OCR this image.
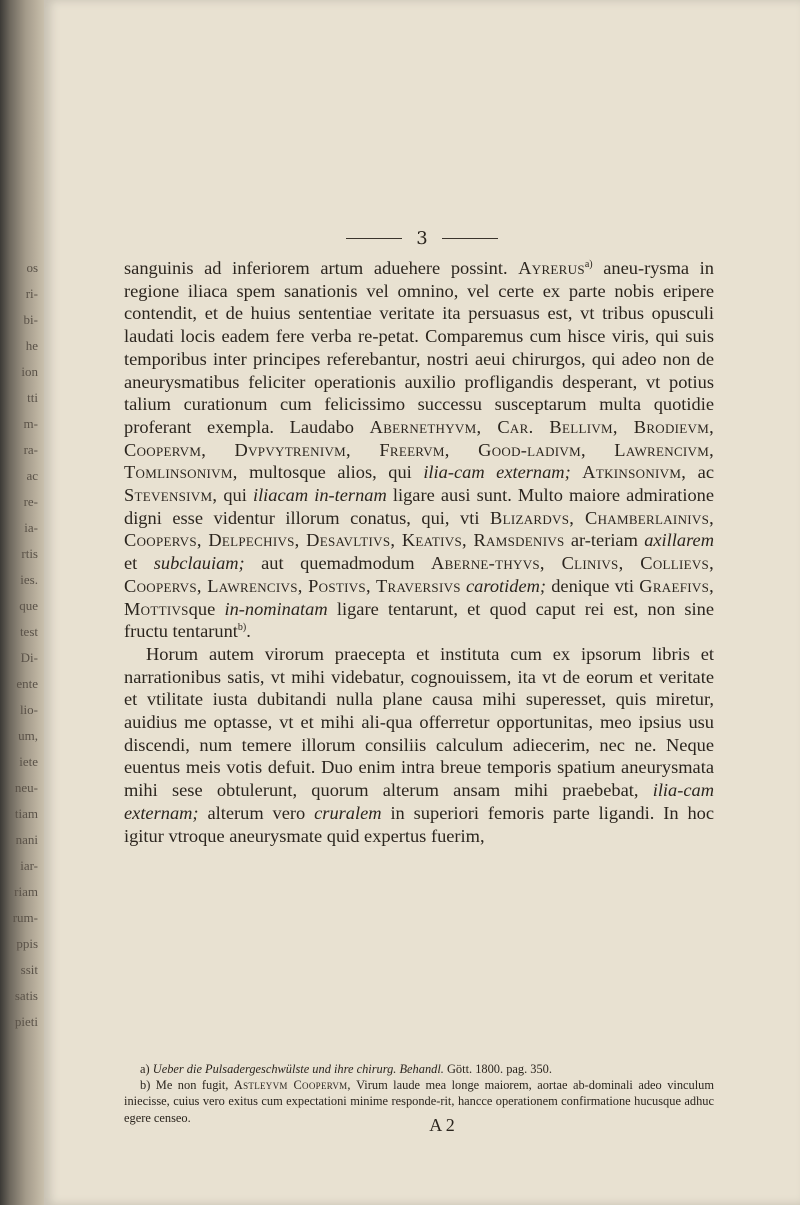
os
ri-
bi-
he
ion
tti
m-
ra-
ac
re-
ia-
rtis
ies.
que
test
Di-
ente
lio-
um,
iete
neu-
tiam
nani
iar-
riam
rum-
ppis
ssit
satis
pieti
3

sanguinis ad inferiorem artum aduehere possint. Ayrerus$^{a)}$ aneu-rysma in regione iliaca spem sanationis vel omnino, vel certe ex parte nobis eripere contendit, et de huius sententiae veritate ita persuasus est, vt tribus opusculi laudati locis eadem fere verba re-petat. Comparemus cum hisce viris, qui suis temporibus inter principes referebantur, nostri aeui chirurgos, qui adeo non de aneurysmatibus feliciter operationis auxilio profligandis desperant, vt potius talium curationum cum felicissimo successu susceptarum multa quotidie proferant exempla. Laudabo Abernethyvm, Car. Bellivm, Brodievm, Coopervm, Dvpvytrenivm, Freervm, Good-ladivm, Lawrencivm, Tomlinsonivm, multosque alios, qui ilia-cam externam; Atkinsonivm, ac Stevensivm, qui iliacam in-ternam ligare ausi sunt. Multo maiore admiratione digni esse videntur illorum conatus, qui, vti Blizardvs, Chamberlainivs, Coopervs, Delpechivs, Desavltivs, Keativs, Ramsdenivs ar-teriam axillarem et subclauiam; aut quemadmodum Aberne-thyvs, Clinivs, Collievs, Coopervs, Lawrencivs, Postivs, Traversivs carotidem; denique vti Graefivs, Mottivsque in-nominatam ligare tentarunt, et quod caput rei est, non sine fructu tentarunt$^{b)}$.

Horum autem virorum praecepta et instituta cum ex ipsorum libris et narrationibus satis, vt mihi videbatur, cognouissem, ita vt de eorum et veritate et vtilitate iusta dubitandi nulla plane causa mihi superesset, quis miretur, auidius me optasse, vt et mihi ali-qua offerretur opportunitas, meo ipsius usu discendi, num temere illorum consiliis calculum adiecerim, nec ne. Neque euentus meis votis defuit. Duo enim intra breue temporis spatium aneurysmata mihi sese obtulerunt, quorum alterum ansam mihi praebebat, ilia-cam externam; alterum vero cruralem in superiori femoris parte ligandi. In hoc igitur vtroque aneurysmate quid expertus fuerim,

a) Ueber die Pulsadergeschwülste und ihre chirurg. Behandl. Gött. 1800. pag. 350.

b) Me non fugit, Astleyvm Coopervm, Virum laude mea longe maiorem, aortae ab-dominali adeo vinculum iniecisse, cuius vero exitus cum expectationi minime responde-rit, hancce operationem confirmatione hucusque adhuc egere censeo.	A 2
